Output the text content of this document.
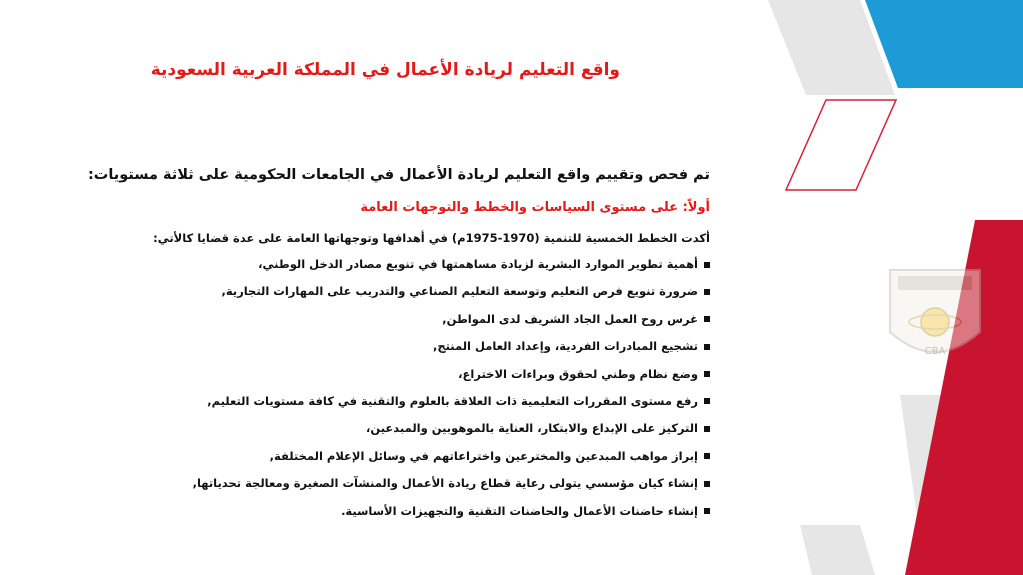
CBA
واقع التعليم لريادة الأعمال في المملكة العربية السعودية
تم فحص وتقييم واقع التعليم لريادة الأعمال في الجامعات الحكومية على ثلاثة مستويات:
أولاً: على مستوى السياسات والخطط والتوجهات العامة
أكدت الخطط الخمسية للتنمية (1970-1975م) في أهدافها وتوجهاتها العامة على عدة قضايا كالأتي:
أهمية تطوير الموارد البشرية لزيادة مساهمتها في تنويع مصادر الدخل الوطني،
ضرورة تنويع فرص التعليم وتوسعة التعليم الصناعي والتدريب على المهارات التجارية,
غرس روح العمل الجاد الشريف لدى المواطن,
تشجيع المبادرات الفردية، وإعداد العامل المنتج,
وضع نظام وطني لحقوق وبراءات الاختراع،
رفع مستوى المقررات التعليمية ذات العلاقة بالعلوم والتقنية في كافة مستويات التعليم,
التركيز على الإبداع والابتكار، العناية بالموهوبين والمبدعين،
إبراز مواهب المبدعين والمخترعين واختراعاتهم في وسائل الإعلام المختلفة,
إنشاء كيان مؤسسي يتولى رعاية قطاع ريادة الأعمال والمنشآت الصغيرة ومعالجة تحدياتها,
إنشاء حاضنات الأعمال والحاضنات التقنية والتجهيزات الأساسية.
